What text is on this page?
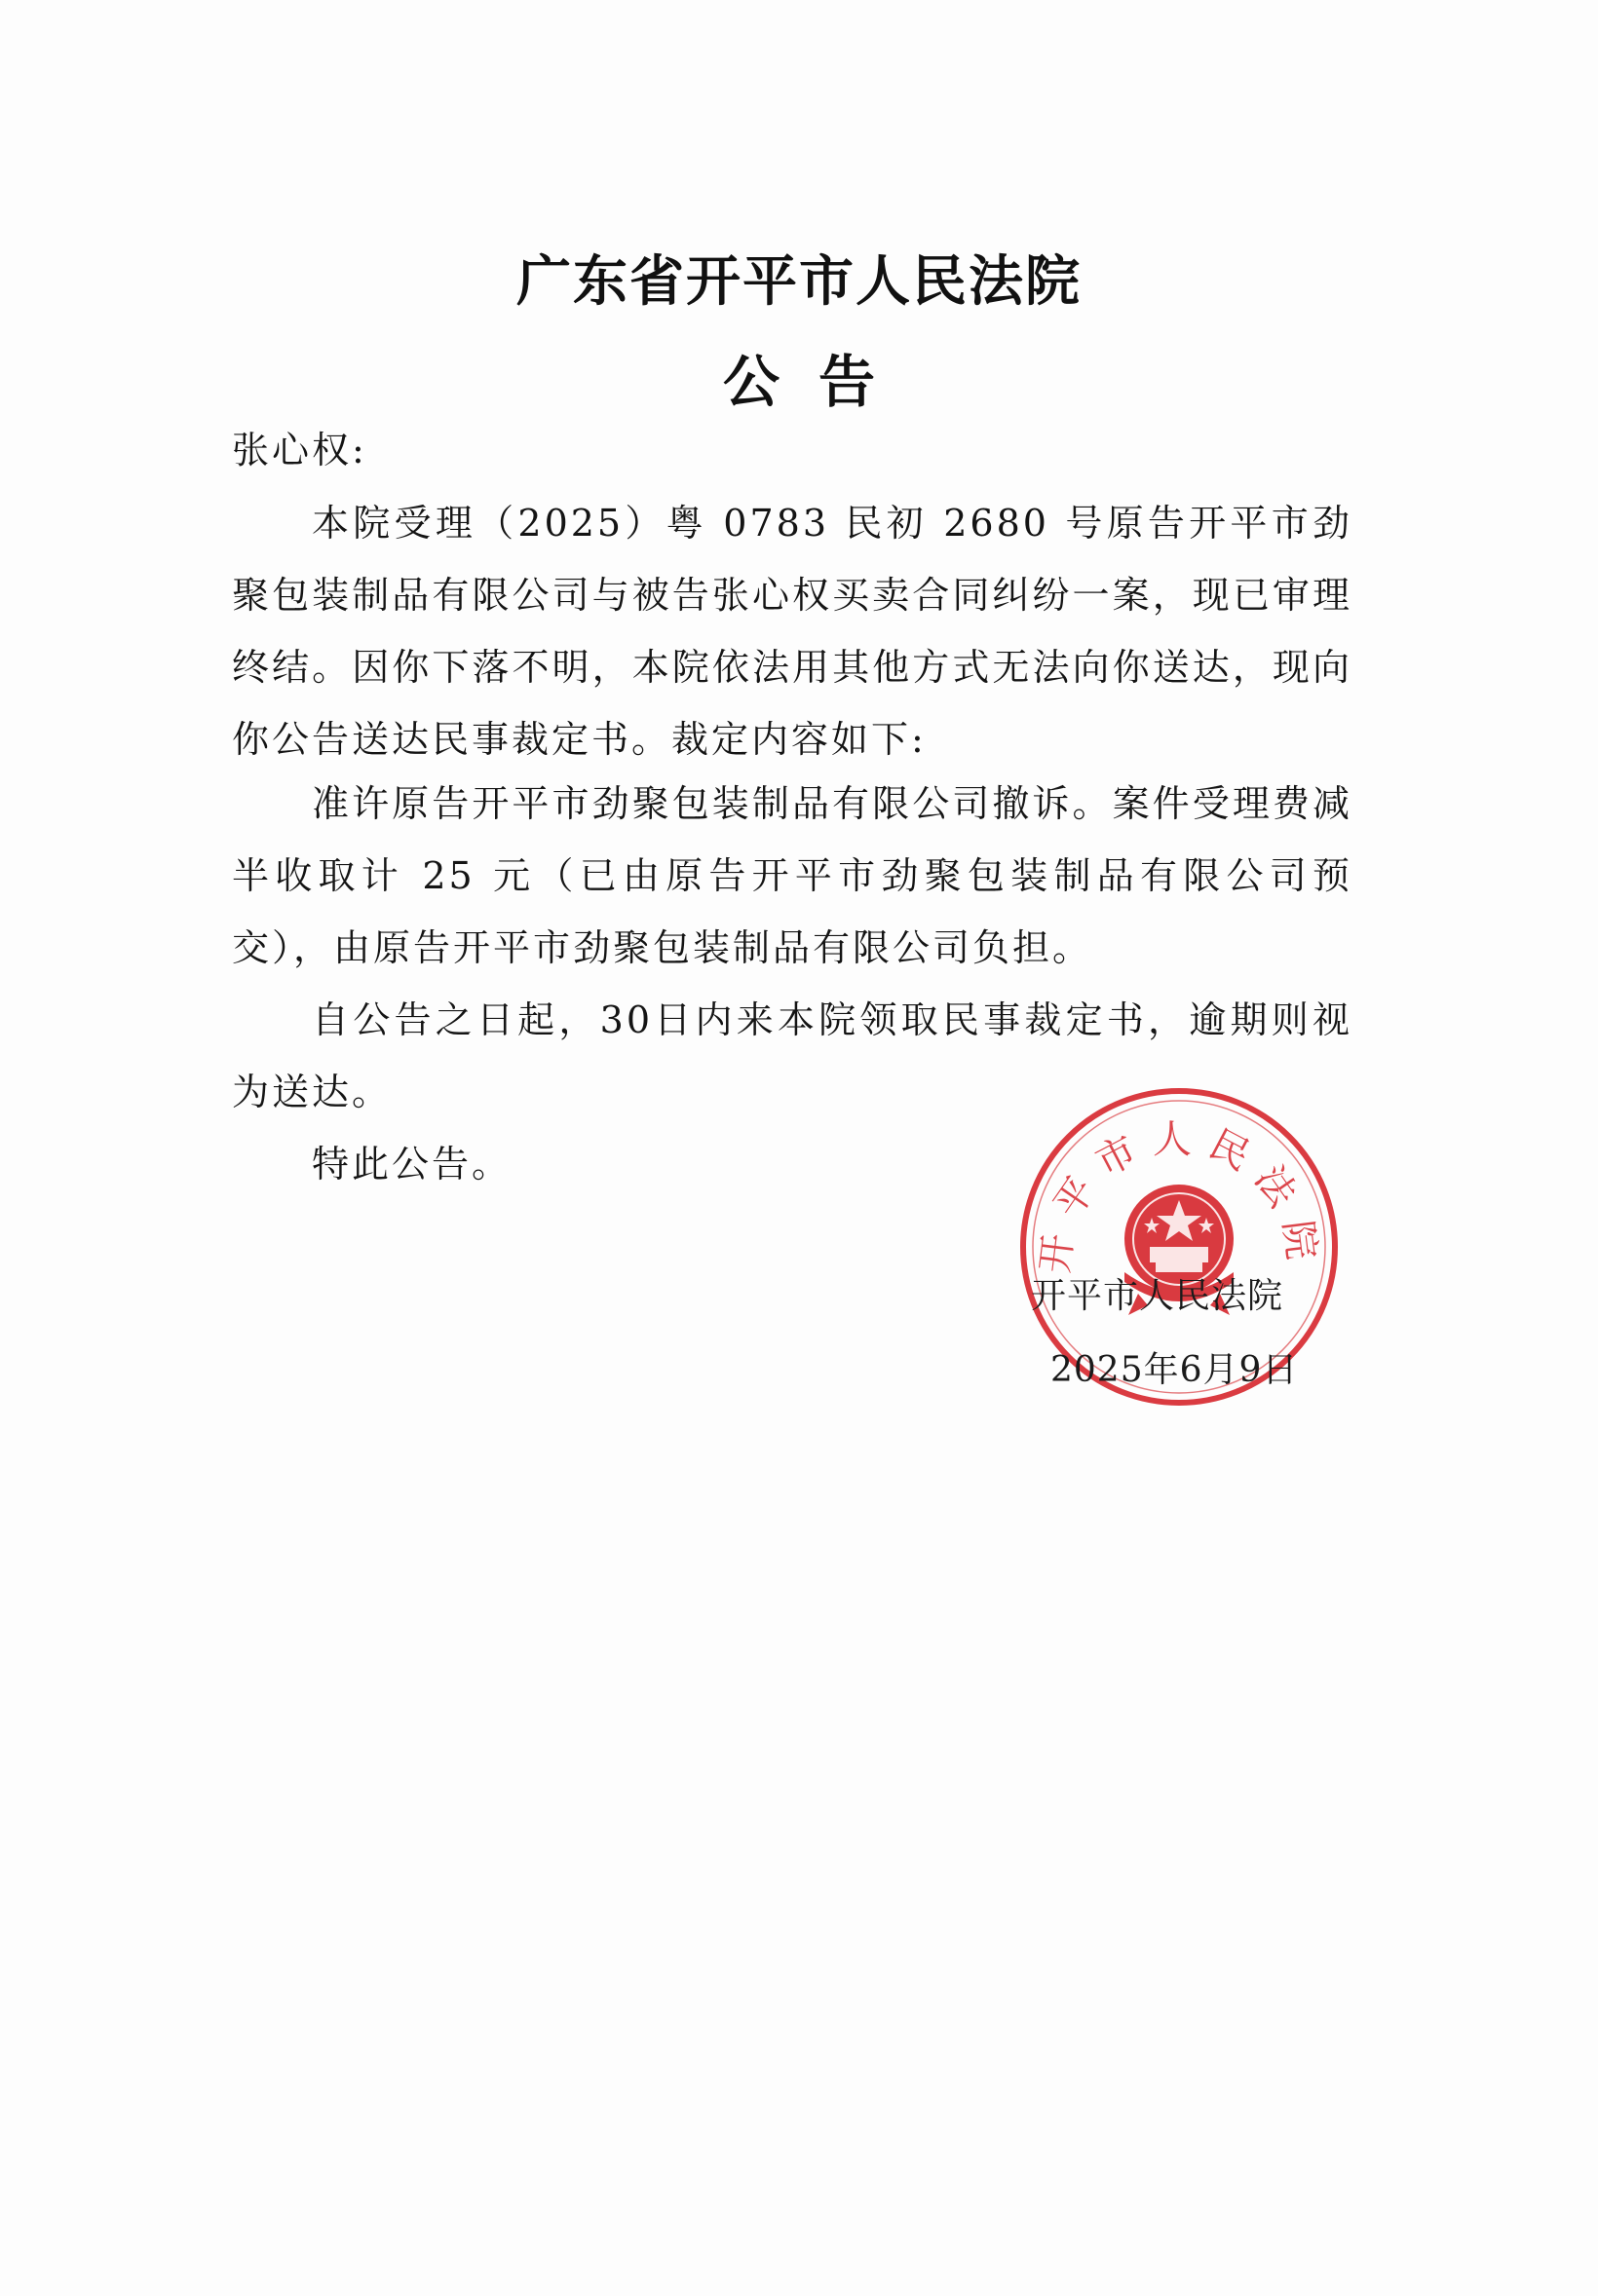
广东省开平市人民法院
公告
张心权:

本院受理（2025）粤 0783 民初 2680 号原告开平市劲聚包装制品有限公司与被告张心权买卖合同纠纷一案，现已审理终结。因你下落不明，本院依法用其他方式无法向你送达，现向你公告送达民事裁定书。裁定内容如下:

准许原告开平市劲聚包装制品有限公司撤诉。案件受理费减半收取计 25 元（已由原告开平市劲聚包装制品有限公司预交），由原告开平市劲聚包装制品有限公司负担。

自公告之日起，30日内来本院领取民事裁定书，逾期则视为送达。

特此公告。

开平市人民法院
开平市人民法院
2025年6月9日
